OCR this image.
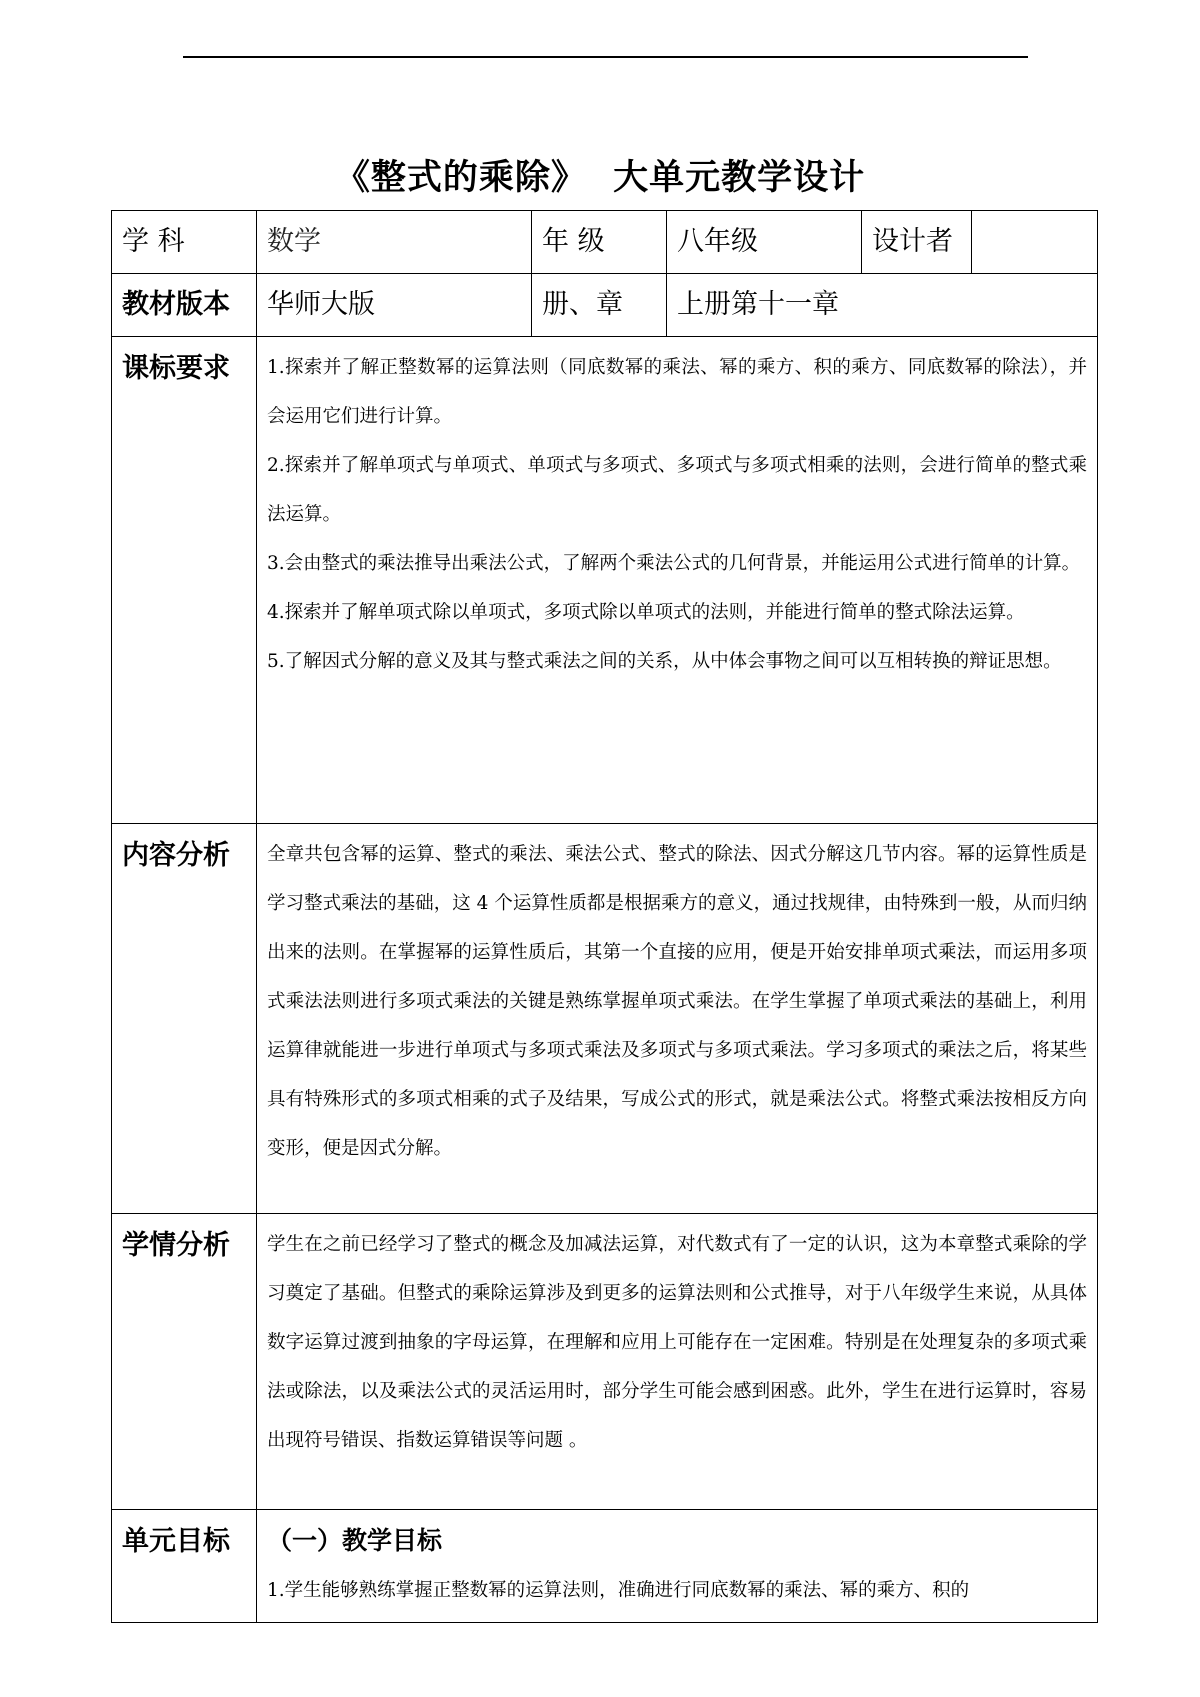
《整式的乘除》  大单元教学设计
学 科	数学	年 级	八年级	设计者	
教材版本	华师大版	册、章	上册第十一章		
课标要求	1.探索并了解正整数幂的运算法则（同底数幂的乘法、幂的乘方、积的乘方、同底数幂的除法），并会运用它们进行计算。

2.探索并了解单项式与单项式、单项式与多项式、多项式与多项式相乘的法则，会进行简单的整式乘法运算。

3.会由整式的乘法推导出乘法公式，了解两个乘法公式的几何背景，并能运用公式进行简单的计算。

4.探索并了解单项式除以单项式，多项式除以单项式的法则，并能进行简单的整式除法运算。

5.了解因式分解的意义及其与整式乘法之间的关系，从中体会事物之间可以互相转换的辩证思想。				

内容分析	全章共包含幂的运算、整式的乘法、乘法公式、整式的除法、因式分解这几节内容。幂的运算性质是学习整式乘法的基础，这 4 个运算性质都是根据乘方的意义，通过找规律，由特殊到一般，从而归纳出来的法则。在掌握幂的运算性质后，其第一个直接的应用，便是开始安排单项式乘法，而运用多项式乘法法则进行多项式乘法的关键是熟练掌握单项式乘法。在学生掌握了单项式乘法的基础上，利用运算律就能进一步进行单项式与多项式乘法及多项式与多项式乘法。学习多项式的乘法之后，将某些具有特殊形式的多项式相乘的式子及结果，写成公式的形式，就是乘法公式。将整式乘法按相反方向变形，便是因式分解。				

学情分析	学生在之前已经学习了整式的概念及加减法运算，对代数式有了一定的认识，这为本章整式乘除的学习奠定了基础。但整式的乘除运算涉及到更多的运算法则和公式推导，对于八年级学生来说，从具体数字运算过渡到抽象的字母运算，在理解和应用上可能存在一定困难。特别是在处理复杂的多项式乘法或除法，以及乘法公式的灵活运用时，部分学生可能会感到困惑。此外，学生在进行运算时，容易出现符号错误、指数运算错误等问题 。				

单元目标	（一）教学目标

1.学生能够熟练掌握正整数幂的运算法则，准确进行同底数幂的乘法、幂的乘方、积的				
